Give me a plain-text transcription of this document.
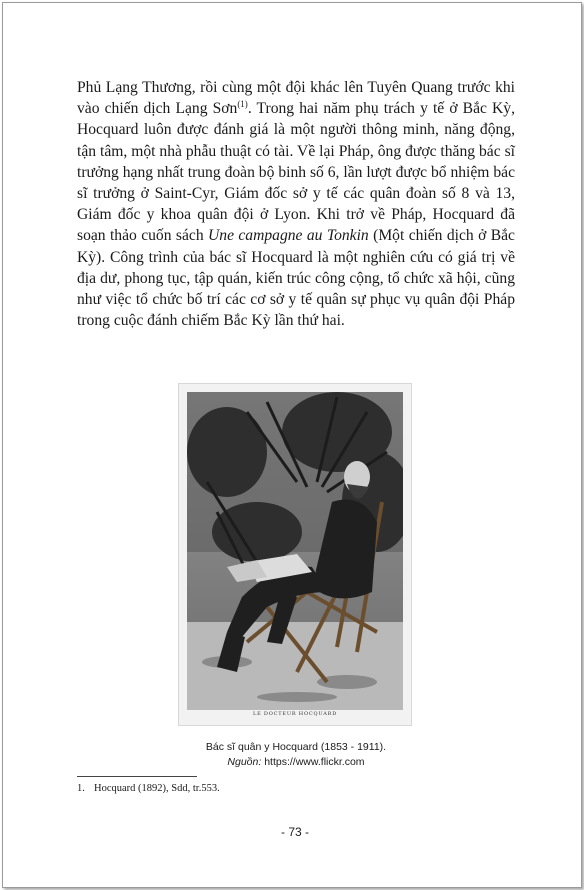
Phủ Lạng Thương, rồi cùng một đội khác lên Tuyên Quang trước khi vào chiến dịch Lạng Sơn$^{(1)}$. Trong hai năm phụ trách y tế ở Bắc Kỳ, Hocquard luôn được đánh giá là một người thông minh, năng động, tận tâm, một nhà phẫu thuật có tài. Về lại Pháp, ông được thăng bác sĩ trưởng hạng nhất trung đoàn bộ binh số 6, lần lượt được bổ nhiệm bác sĩ trưởng ở Saint-Cyr, Giám đốc sở y tế các quân đoàn số 8 và 13, Giám đốc y khoa quân đội ở Lyon. Khi trở về Pháp, Hocquard đã soạn thảo cuốn sách Une campagne au Tonkin (Một chiến dịch ở Bắc Kỳ). Công trình của bác sĩ Hocquard là một nghiên cứu có giá trị về địa dư, phong tục, tập quán, kiến trúc công cộng, tổ chức xã hội, cũng như việc tổ chức bố trí các cơ sở y tế quân sự phục vụ quân đội Pháp trong cuộc đánh chiếm Bắc Kỳ lần thứ hai.

LE DOCTEUR HOCQUARD
Bác sĩ quân y Hocquard (1853 - 1911).
Nguồn: https://www.flickr.com
1. Hocquard (1892), Sdd, tr.553.
- 73 -
